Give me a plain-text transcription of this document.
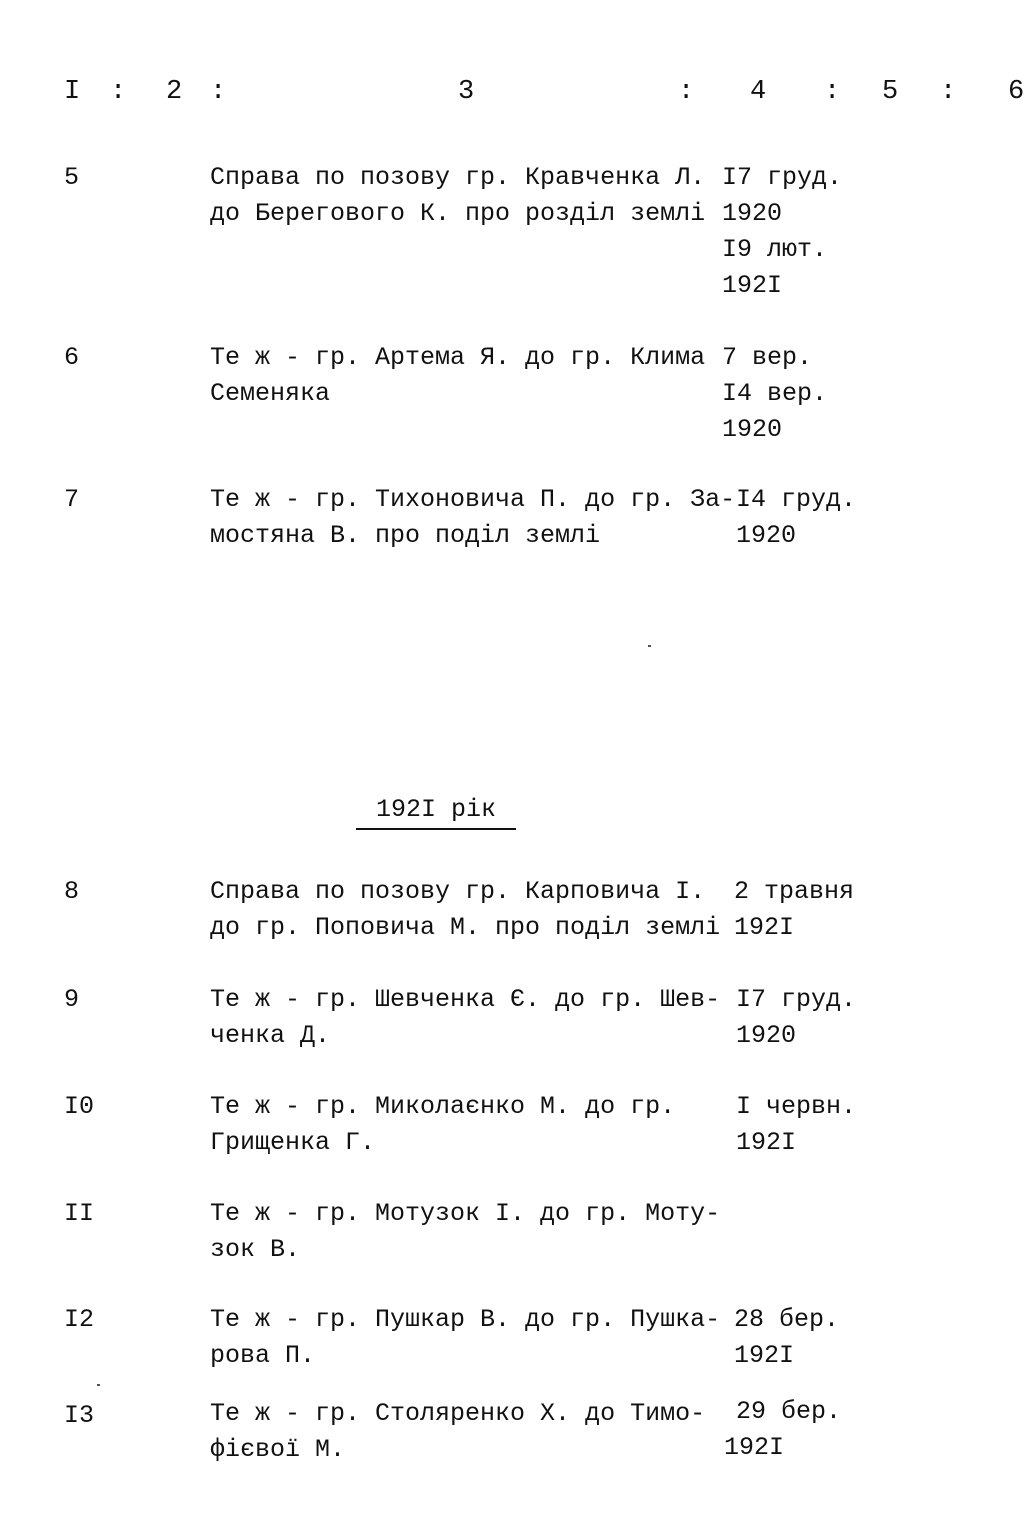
I : 2 :	3	: 4 : 5 : 6
5	Справа по позову гр. Кравченка Л.
до Берегового К. про розділ землі
I7 груд.
1920
I9 лют.
192I
6	Те ж - гр. Артема Я. до гр. Клима
Семеняка
7 вер.
I4 вер.
1920
7	Те ж - гр. Тихоновича П. до гр. За-
мостяна В. про поділ землі
I4 груд.
1920
192I рік
8	Справа по позову гр. Карповича І.
до гр. Поповича М. про поділ землі
2 травня
192I
9	Те ж - гр. Шевченка Є. до гр. Шев-
ченка Д.
I7 груд.
1920
I0	Те ж - гр. Миколаєнко М. до гр.
Грищенка Г.
I червн.
192I
II	Те ж - гр. Мотузок І. до гр. Моту-
зок В.
I2	Те ж - гр. Пушкар В. до гр. Пушка-
рова П.
28 бер.
192I
I3	Те ж - гр. Столяренко Х. до Тимо-
фієвої М.
29 бер.
192I
